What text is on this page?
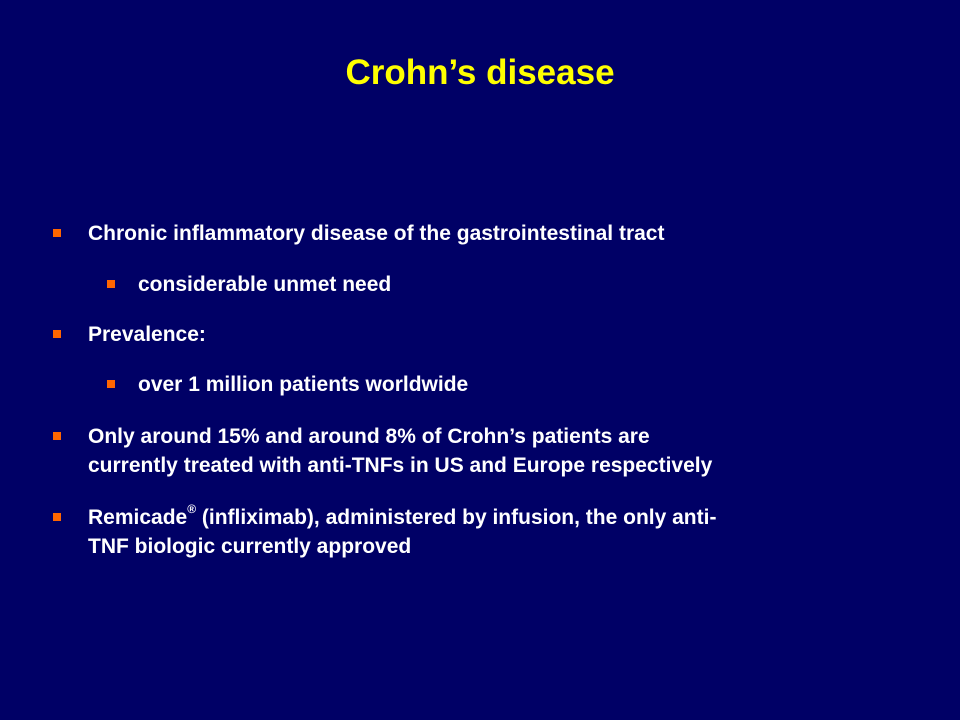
Crohn’s disease
Chronic inflammatory disease of the gastrointestinal tract
considerable unmet need
Prevalence:
over 1 million patients worldwide
Only around 15% and around 8% of Crohn’s patients are
currently treated with anti-TNFs in US and Europe respectively
Remicade® (infliximab), administered by infusion, the only anti-
TNF biologic currently approved
